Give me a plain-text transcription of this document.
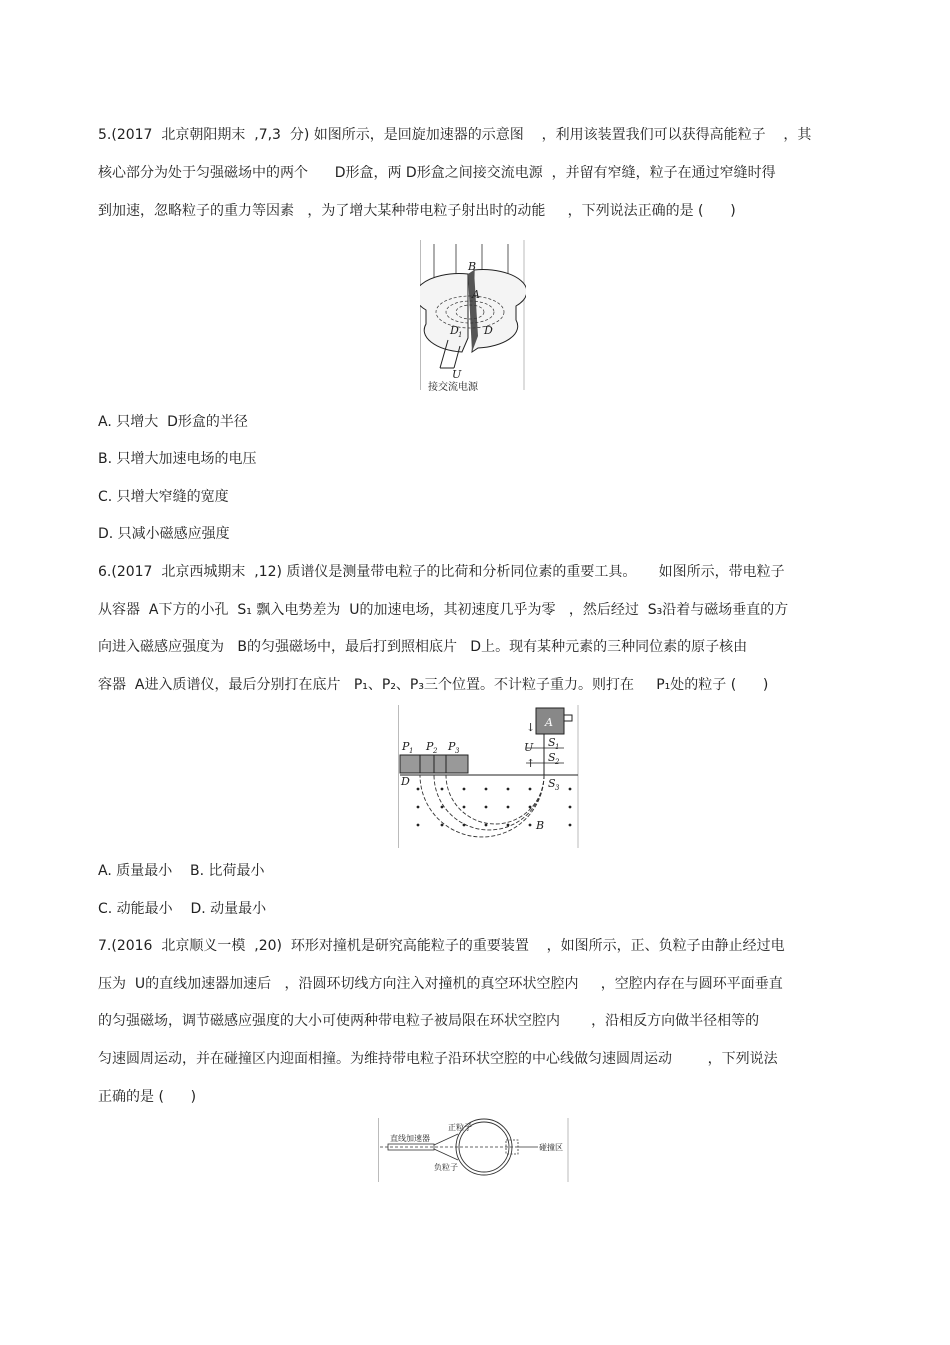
5.(2017  北京朝阳期末  ,7,3  分) 如图所示，是回旋加速器的示意图    ，利用该装置我们可以获得高能粒子    ，其
核心部分为处于匀强磁场中的两个      D形盒，两 D形盒之间接交流电源  ，并留有窄缝，粒子在通过窄缝时得
到加速，忽略粒子的重力等因素   ，为了增大某种带电粒子射出时的动能     ，下列说法正确的是 (      )
B
A
D 1 D
U
接交流电源
A. 只增大  D形盒的半径
B. 只增大加速电场的电压
C. 只增大窄缝的宽度
D. 只减小磁感应强度
6.(2017  北京西城期末  ,12) 质谱仪是测量带电粒子的比荷和分析同位素的重要工具。     如图所示，带电粒子
从容器  A下方的小孔  S₁ 飘入电势差为  U的加速电场，其初速度几乎为零   ，然后经过  S₃沿着与磁场垂直的方
向进入磁感应强度为   B的匀强磁场中，最后打到照相底片   D上。现有某种元素的三种同位素的原子核由
容器  A进入质谱仪，最后分别打在底片   P₁、P₂、P₃三个位置。不计粒子重力。则打在     P₁处的粒子 (      )
A
↓
U
↑
S 1
S 2
P 1 P 2 P 3
D	S 3
B
A. 质量最小    B. 比荷最小
C. 动能最小    D. 动量最小
7.(2016  北京顺义一模  ,20)  环形对撞机是研究高能粒子的重要装置    ，如图所示，正、负粒子由静止经过电
压为  U的直线加速器加速后   ，沿圆环切线方向注入对撞机的真空环状空腔内     ，空腔内存在与圆环平面垂直
的匀强磁场，调节磁感应强度的大小可使两种带电粒子被局限在环状空腔内       ，沿相反方向做半径相等的
匀速圆周运动，并在碰撞区内迎面相撞。为维持带电粒子沿环状空腔的中心线做匀速圆周运动        ，下列说法
正确的是 (      )
直线加速器
正粒子
负粒子
碰撞区
